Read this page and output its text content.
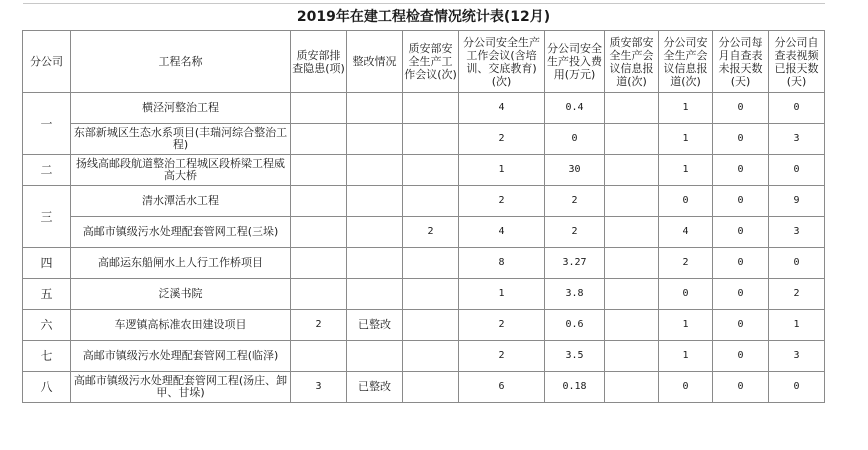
2019年在建工程检查情况统计表(12月)										
分公司	工程名称	质安部排查隐患(项)	整改情况	质安部安全生产工作会议(次)	分公司安全生产工作会议(含培训、交底教育)(次)	分公司安全生产投入费用(万元)	质安部安全生产会议信息报道(次)	分公司安全生产会议信息报道(次)	分公司每月自查表未报天数(天)	分公司自查表视频已报天数(天)
一	横泾河整治工程				4	0.4		1	0	0
	东部新城区生态水系项目(丰瑞河综合整治工程)				2	0		1	0	3
二	扬线高邮段航道整治工程城区段桥梁工程威高大桥				1	30		1	0	0
三	清水潭活水工程				2	2		0	0	9
	高邮市镇级污水处理配套管网工程(三垛)			2	4	2		4	0	3
四	高邮运东船闸水上人行工作桥项目				8	3.27		2	0	0
五	泛溪书院				1	3.8		0	0	2
六	车逻镇高标准农田建设项目	2	已整改		2	0.6		1	0	1
七	高邮市镇级污水处理配套管网工程(临泽)				2	3.5		1	0	3
八	高邮市镇级污水处理配套管网工程(汤庄、卸甲、甘垛)	3	已整改		6	0.18		0	0	0
